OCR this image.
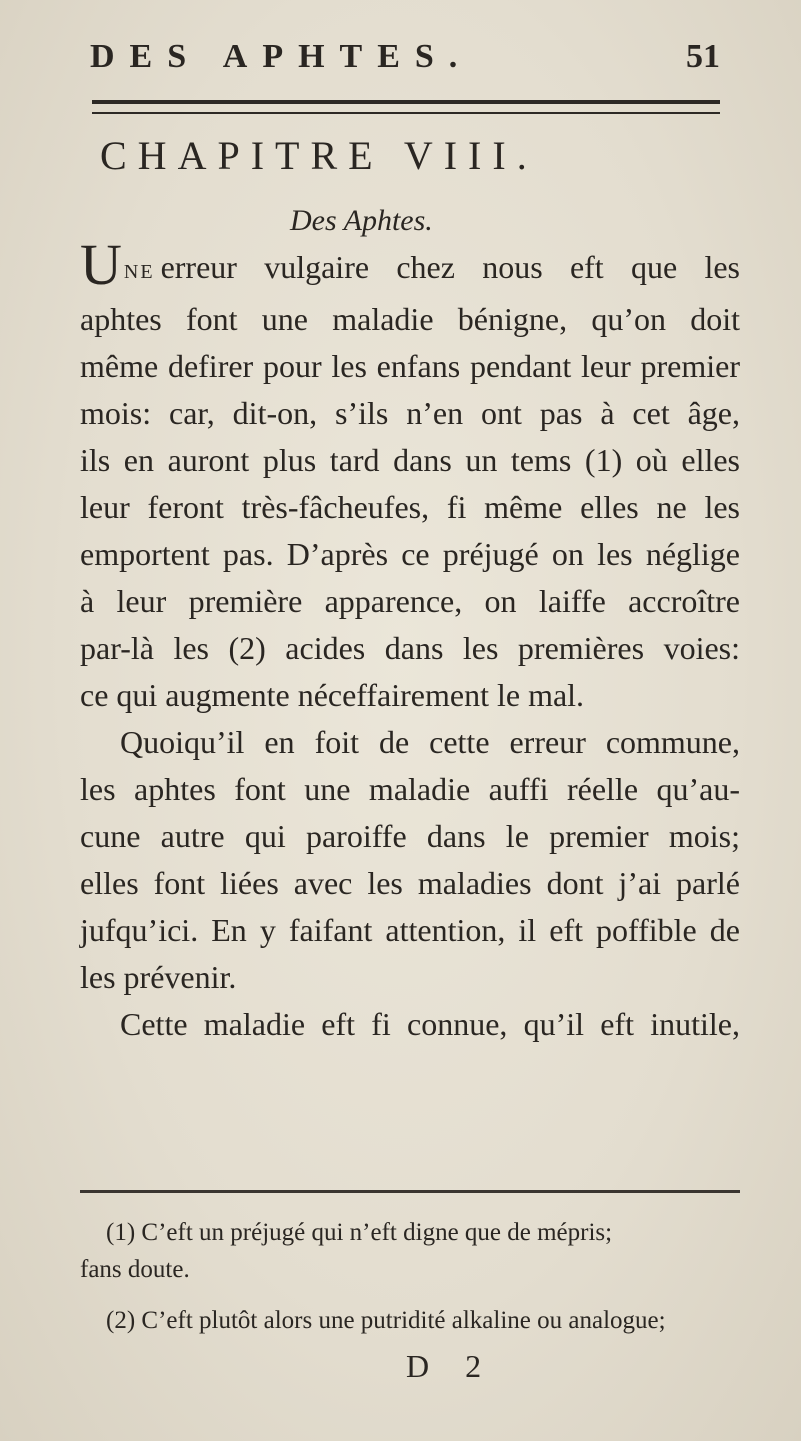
DES APHTES.	51
CHAPITRE VIII.
Des Aphtes.

UNE erreur vulgaire chez nous eft que les

aphtes font une maladie bénigne, qu’on doit

même defirer pour les enfans pendant leur premier

mois: car, dit-on, s’ils n’en ont pas à cet âge,

ils en auront plus tard dans un tems (1) où elles

leur feront très-fâcheufes, fi même elles ne les

emportent pas. D’après ce préjugé on les néglige

à leur première apparence, on laiffe accroître

par-là les (2) acides dans les premières voies:

ce qui augmente néceffairement le mal.

Quoiqu’il en foit de cette erreur commune,

les aphtes font une maladie auffi réelle qu’au-

cune autre qui paroiffe dans le premier mois;

elles font liées avec les maladies dont j’ai parlé

jufqu’ici. En y faifant attention, il eft poffible de

les prévenir.

Cette maladie eft fi connue, qu’il eft inutile,

(1) C’eft un préjugé qui n’eft digne que de mépris;
fans doute.

(2) C’eft plutôt alors une putridité alkaline ou analogue;

D 2
